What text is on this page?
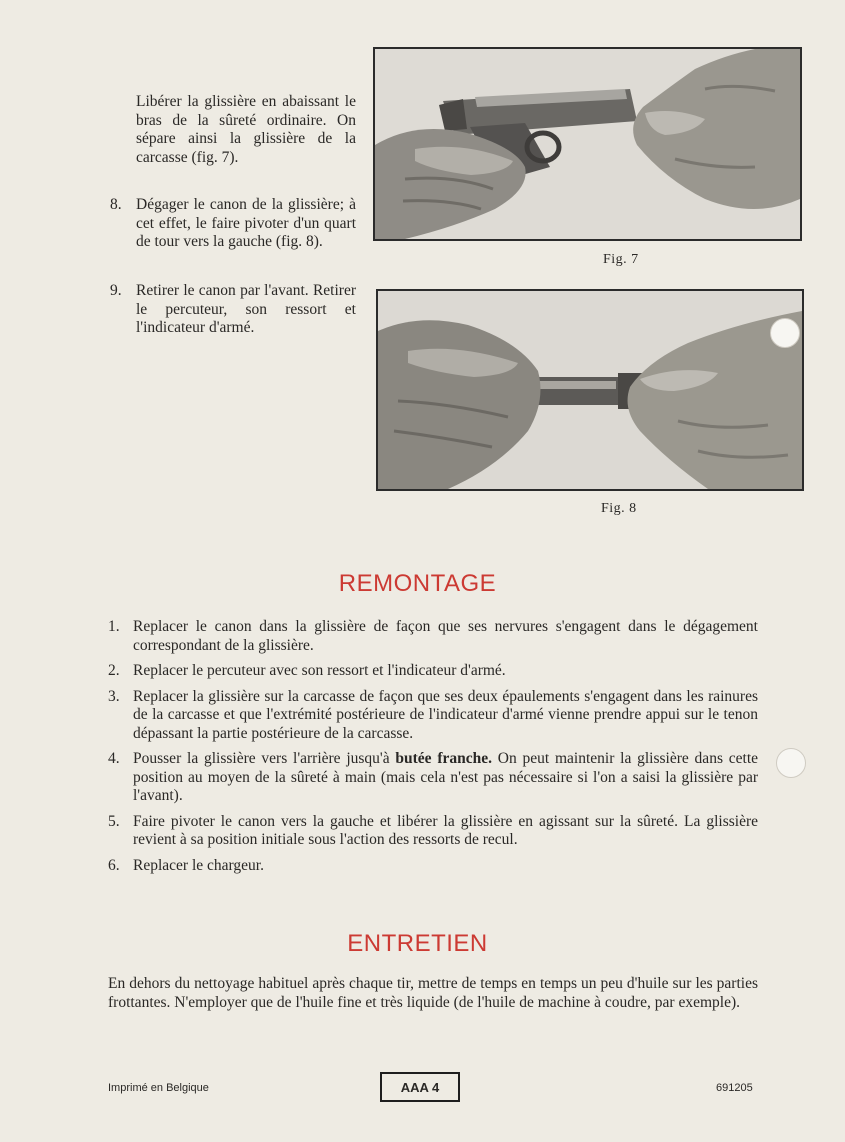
Libérer la glissière en abaissant le bras de la sûreté ordinaire. On sépare ainsi la glissière de la carcasse (fig. 7).
8. Dégager le canon de la glissière; à cet effet, le faire pivoter d'un quart de tour vers la gauche (fig. 8).
9. Retirer le canon par l'avant. Retirer le percuteur, son ressort et l'indicateur d'armé.
Fig. 7
Fig. 8
REMONTAGE
1. Replacer le canon dans la glissière de façon que ses nervures s'engagent dans le dégagement correspondant de la glissière.
2. Replacer le percuteur avec son ressort et l'indicateur d'armé.
3. Replacer la glissière sur la carcasse de façon que ses deux épaulements s'engagent dans les rainures de la carcasse et que l'extrémité postérieure de l'indicateur d'armé vienne prendre appui sur le tenon dépassant la partie postérieure de la carcasse.
4. Pousser la glissière vers l'arrière jusqu'à butée franche. On peut maintenir la glissière dans cette position au moyen de la sûreté à main (mais cela n'est pas nécessaire si l'on a saisi la glissière par l'avant).
5. Faire pivoter le canon vers la gauche et libérer la glissière en agissant sur la sûreté. La glissière revient à sa position initiale sous l'action des ressorts de recul.
6. Replacer le chargeur.
ENTRETIEN
En dehors du nettoyage habituel après chaque tir, mettre de temps en temps un peu d'huile sur les parties frottantes. N'employer que de l'huile fine et très liquide (de l'huile de machine à coudre, par exemple).
Imprimé en Belgique	AAA 4	691205
